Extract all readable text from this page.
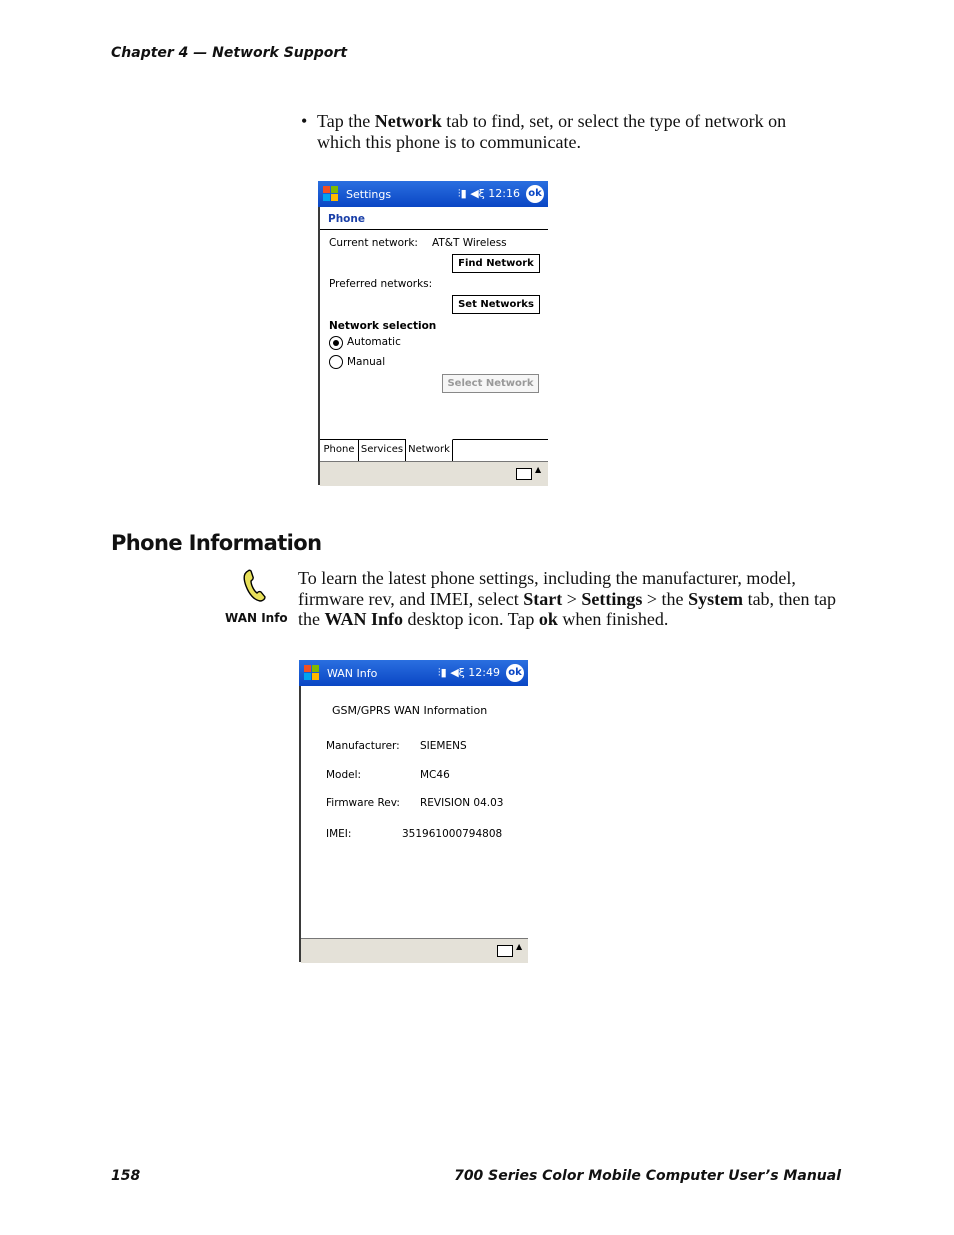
Chapter 4 — Network Support
• Tap the Network tab to find, set, or select the type of network on
which this phone is to communicate.
Settings	⫶▮ ◀ξ 12:16 ok
Phone
Current network: AT&T Wireless
Find Network
Preferred networks:
Set Networks
Network selection
Automatic
Manual
Select Network
Phone Services Network
▲
Phone Information
WAN Info
To learn the latest phone settings, including the manufacturer, model,
firmware rev, and IMEI, select Start > Settings > the System tab, then tap
the WAN Info desktop icon. Tap ok when finished.
WAN Info	⫶▮ ◀ξ 12:49 ok
GSM/GPRS WAN Information
Manufacturer: SIEMENS
Model:	MC46
Firmware Rev: REVISION 04.03
IMEI:	351961000794808
▲
158	700 Series Color Mobile Computer User’s Manual
